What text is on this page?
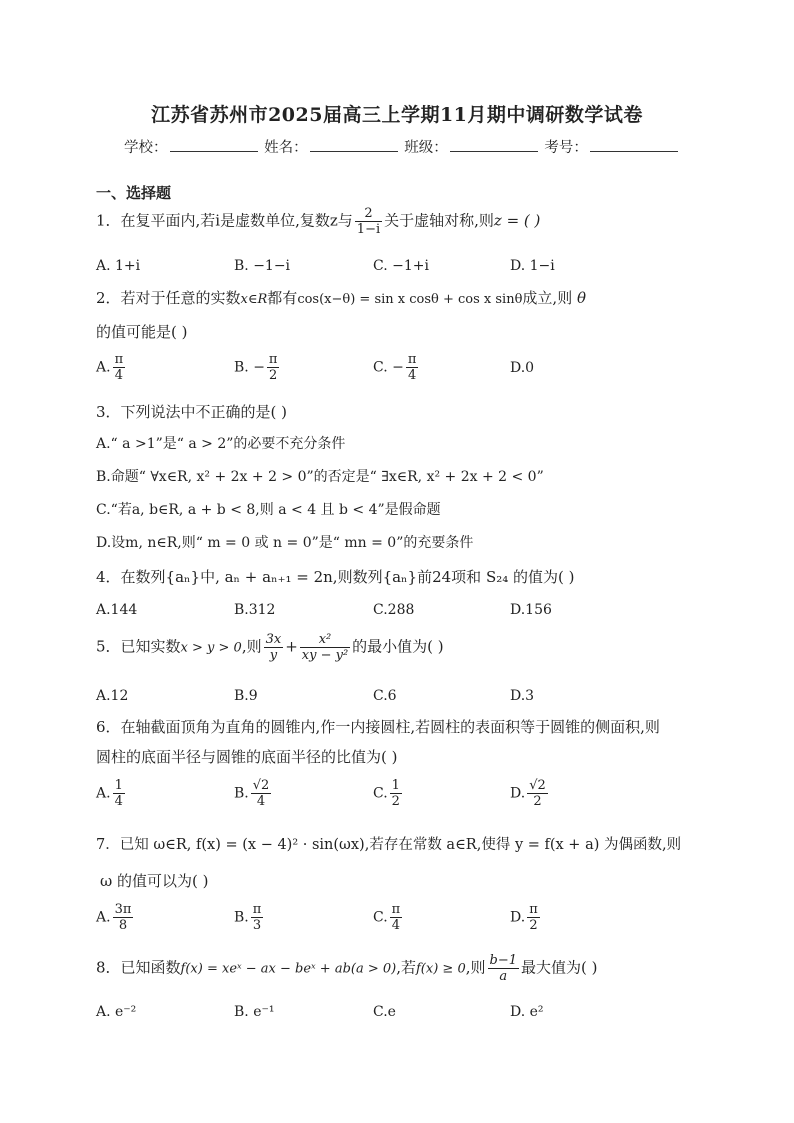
江苏省苏州市2025届高三上学期11月期中调研数学试卷
学校：	姓名：	班级：	考号：
一、选择题
1．在复平面内,若i是虚数单位,复数z与 $\frac{2}{1-i}$ 关于虚轴对称,则z = ( )
A. 1+i	B. −1−i	C. −1+i	D. 1−i
2．若对于任意的实数x∈R都有cos(x−θ) = sin x cosθ + cos x sinθ成立,则 θ
的值可能是( )
A. $\frac{\pi}{4}$	B. − $\frac{\pi}{2}$	C. − $\frac{\pi}{4}$	D.0
3．下列说法中不正确的是( )
A.“ a >1”是“ a > 2”的必要不充分条件
B.命题“ ∀x∈R, x² + 2x + 2 > 0”的否定是“ ∃x∈R, x² + 2x + 2 < 0”
C.“若a, b∈R, a + b < 8,则 a < 4 且 b < 4”是假命题
D.设m, n∈R,则“ m = 0 或 n = 0”是“ mn = 0”的充要条件
4．在数列{aₙ}中, aₙ + aₙ₊₁ = 2n,则数列{aₙ}前24项和 S₂₄ 的值为( )
A.144	B.312	C.288	D.156
5．已知实数x > y > 0,则 $\frac{3x}{y} + \frac{\text{x²}}{\text{xy − y²}}$ 的最小值为( )
A.12	B.9	C.6	D.3
6．在轴截面顶角为直角的圆锥内,作一内接圆柱,若圆柱的表面积等于圆锥的侧面积,则
圆柱的底面半径与圆锥的底面半径的比值为( )
A. $\frac{1}{4}$	B. $\frac{√2}{4}$	C. $\frac{1}{2}$	D. $\frac{√2}{2}$
7．已知 ω∈R, f(x) = (x − 4)² · sin(ωx),若存在常数 a∈R,使得 y = f(x + a) 为偶函数,则
ω 的值可以为( )
A. $\frac{3\pi}{8}$	B. $\frac{\pi}{3}$	C. $\frac{\pi}{4}$	D. $\frac{\pi}{2}$
8．已知函数f(x) = xeˣ − ax − beˣ + ab(a > 0),若f(x) ≥ 0,则 $\frac{b-1}{a}$ 最大值为( )
A. e⁻²	B. e⁻¹	C.e	D. e²
